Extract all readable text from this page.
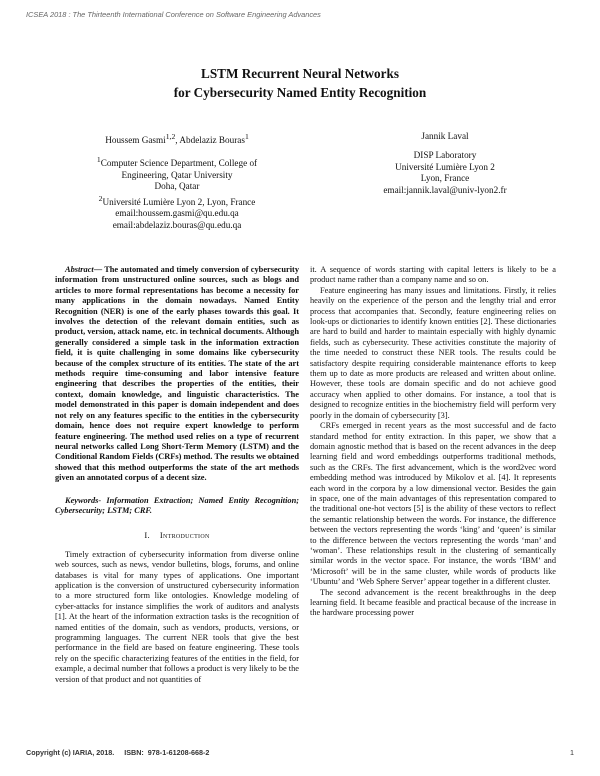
ICSEA 2018 : The Thirteenth International Conference on Software Engineering Advances
LSTM Recurrent Neural Networks
for Cybersecurity Named Entity Recognition
Houssem Gasmi$^{1,2}$, Abdelaziz Bouras$^1$
$^1$Computer Science Department, College of
Engineering, Qatar University
Doha, Qatar
$^2$Université Lumière Lyon 2, Lyon, France
email:houssem.gasmi@qu.edu.qa
email:abdelaziz.bouras@qu.edu.qa
Jannik Laval
DISP Laboratory
Université Lumière Lyon 2
Lyon, France
email:jannik.laval@univ-lyon2.fr

Abstract— The automated and timely conversion of cybersecurity information from unstructured online sources, such as blogs and articles to more formal representations has become a necessity for many applications in the domain nowadays. Named Entity Recognition (NER) is one of the early phases towards this goal. It involves the detection of the relevant domain entities, such as product, version, attack name, etc. in technical documents. Although generally considered a simple task in the information extraction field, it is quite challenging in some domains like cybersecurity because of the complex structure of its entities. The state of the art methods require time-consuming and labor intensive feature engineering that describes the properties of the entities, their context, domain knowledge, and linguistic characteristics. The model demonstrated in this paper is domain independent and does not rely on any features specific to the entities in the cybersecurity domain, hence does not require expert knowledge to perform feature engineering. The method used relies on a type of recurrent neural networks called Long Short-Term Memory (LSTM) and the Conditional Random Fields (CRFs) method. The results we obtained showed that this method outperforms the state of the art methods given an annotated corpus of a decent size.

Keywords- Information Extraction; Named Entity Recognition; Cybersecurity; LSTM; CRF.

I. Introduction

Timely extraction of cybersecurity information from diverse online web sources, such as news, vendor bulletins, blogs, forums, and online databases is vital for many types of applications. One important application is the conversion of unstructured cybersecurity information to a more structured form like ontologies. Knowledge modeling of cyber-attacks for instance simplifies the work of auditors and analysts [1]. At the heart of the information extraction tasks is the recognition of named entities of the domain, such as vendors, products, versions, or programming languages. The current NER tools that give the best performance in the field are based on feature engineering. These tools rely on the specific characterizing features of the entities in the field, for example, a decimal number that follows a product is very likely to be the version of that product and not quantities of

it. A sequence of words starting with capital letters is likely to be a product name rather than a company name and so on.

Feature engineering has many issues and limitations. Firstly, it relies heavily on the experience of the person and the lengthy trial and error process that accompanies that. Secondly, feature engineering relies on look-ups or dictionaries to identify known entities [2]. These dictionaries are hard to build and harder to maintain especially with highly dynamic fields, such as cybersecurity. These activities constitute the majority of the time needed to construct these NER tools. The results could be satisfactory despite requiring considerable maintenance efforts to keep them up to date as more products are released and written about online. However, these tools are domain specific and do not achieve good accuracy when applied to other domains. For instance, a tool that is designed to recognize entities in the biochemistry field will perform very poorly in the domain of cybersecurity [3].

CRFs emerged in recent years as the most successful and de facto standard method for entity extraction. In this paper, we show that a domain agnostic method that is based on the recent advances in the deep learning field and word embeddings outperforms traditional methods, such as the CRFs. The first advancement, which is the word2vec word embedding method was introduced by Mikolov et al. [4]. It represents each word in the corpora by a low dimensional vector. Besides the gain in space, one of the main advantages of this representation compared to the traditional one-hot vectors [5] is the ability of these vectors to reflect the semantic relationship between the words. For instance, the difference between the vectors representing the words ‘king’ and ‘queen’ is similar to the difference between the vectors representing the words ‘man’ and ‘woman’. These relationships result in the clustering of semantically similar words in the vector space. For instance, the words ‘IBM’ and ‘Microsoft’ will be in the same cluster, while words of products like ‘Ubuntu’ and ‘Web Sphere Server’ appear together in a different cluster.

The second advancement is the recent breakthroughs in the deep learning field. It became feasible and practical because of the increase in the hardware processing power

Copyright (c) IARIA, 2018.     ISBN:  978-1-61208-668-2	1
